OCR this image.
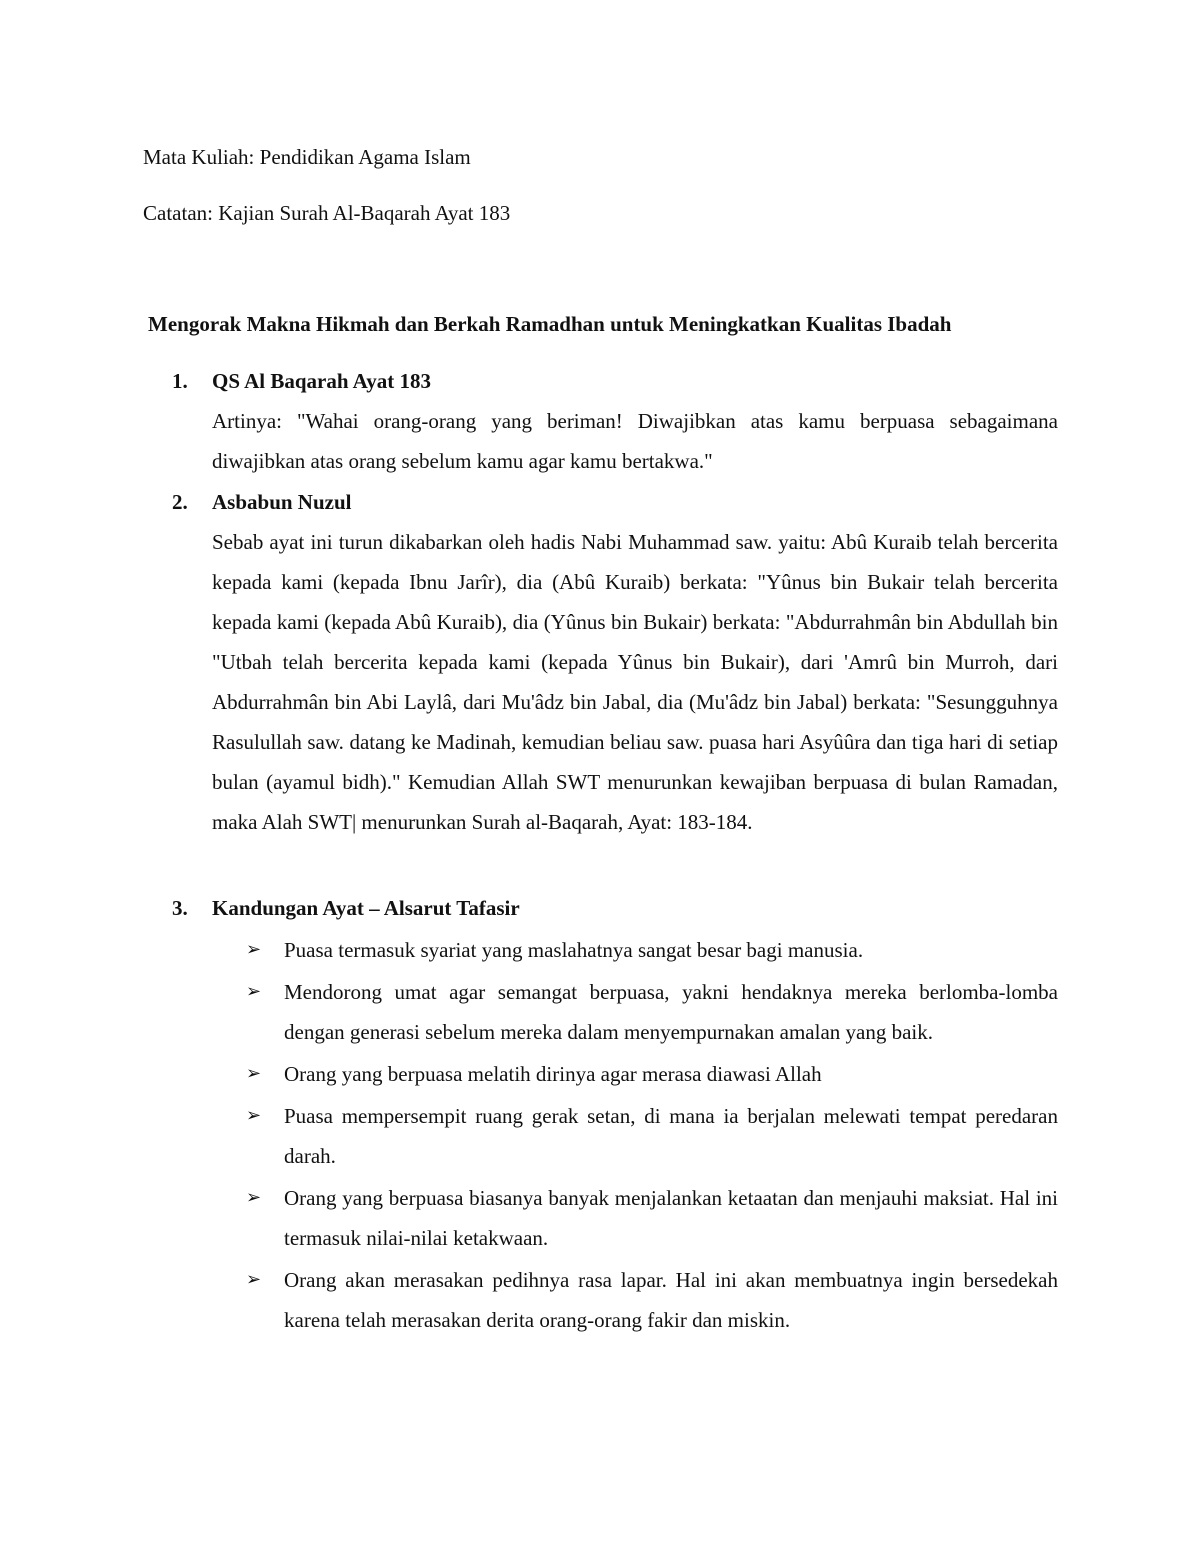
Mata Kuliah: Pendidikan Agama Islam
Catatan: Kajian Surah Al-Baqarah Ayat 183
Mengorak Makna Hikmah dan Berkah Ramadhan untuk Meningkatkan Kualitas Ibadah
1. QS Al Baqarah Ayat 183
Artinya: "Wahai orang-orang yang beriman! Diwajibkan atas kamu berpuasa sebagaimana diwajibkan atas orang sebelum kamu agar kamu bertakwa."
2. Asbabun Nuzul
Sebab ayat ini turun dikabarkan oleh hadis Nabi Muhammad saw. yaitu: Abû Kuraib telah bercerita kepada kami (kepada Ibnu Jarîr), dia (Abû Kuraib) berkata: "Yûnus bin Bukair telah bercerita kepada kami (kepada Abû Kuraib), dia (Yûnus bin Bukair) berkata: "Abdurrahmân bin Abdullah bin "Utbah telah bercerita kepada kami (kepada Yûnus bin Bukair), dari 'Amrû bin Murroh, dari Abdurrahmân bin Abi Laylâ, dari Mu'âdz bin Jabal, dia (Mu'âdz bin Jabal) berkata: "Sesungguhnya Rasulullah saw. datang ke Madinah, kemudian beliau saw. puasa hari Asyûûra dan tiga hari di setiap bulan (ayamul bidh)." Kemudian Allah SWT menurunkan kewajiban berpuasa di bulan Ramadan, maka Alah SWT| menurunkan Surah al-Baqarah, Ayat: 183-184.
3. Kandungan Ayat – Alsarut Tafasir
➢ Puasa termasuk syariat yang maslahatnya sangat besar bagi manusia.
➢ Mendorong umat agar semangat berpuasa, yakni hendaknya mereka berlomba-lomba dengan generasi sebelum mereka dalam menyempurnakan amalan yang baik.
➢ Orang yang berpuasa melatih dirinya agar merasa diawasi Allah
➢ Puasa mempersempit ruang gerak setan, di mana ia berjalan melewati tempat peredaran darah.
➢ Orang yang berpuasa biasanya banyak menjalankan ketaatan dan menjauhi maksiat. Hal ini termasuk nilai-nilai ketakwaan.
➢ Orang akan merasakan pedihnya rasa lapar. Hal ini akan membuatnya ingin bersedekah karena telah merasakan derita orang-orang fakir dan miskin.
